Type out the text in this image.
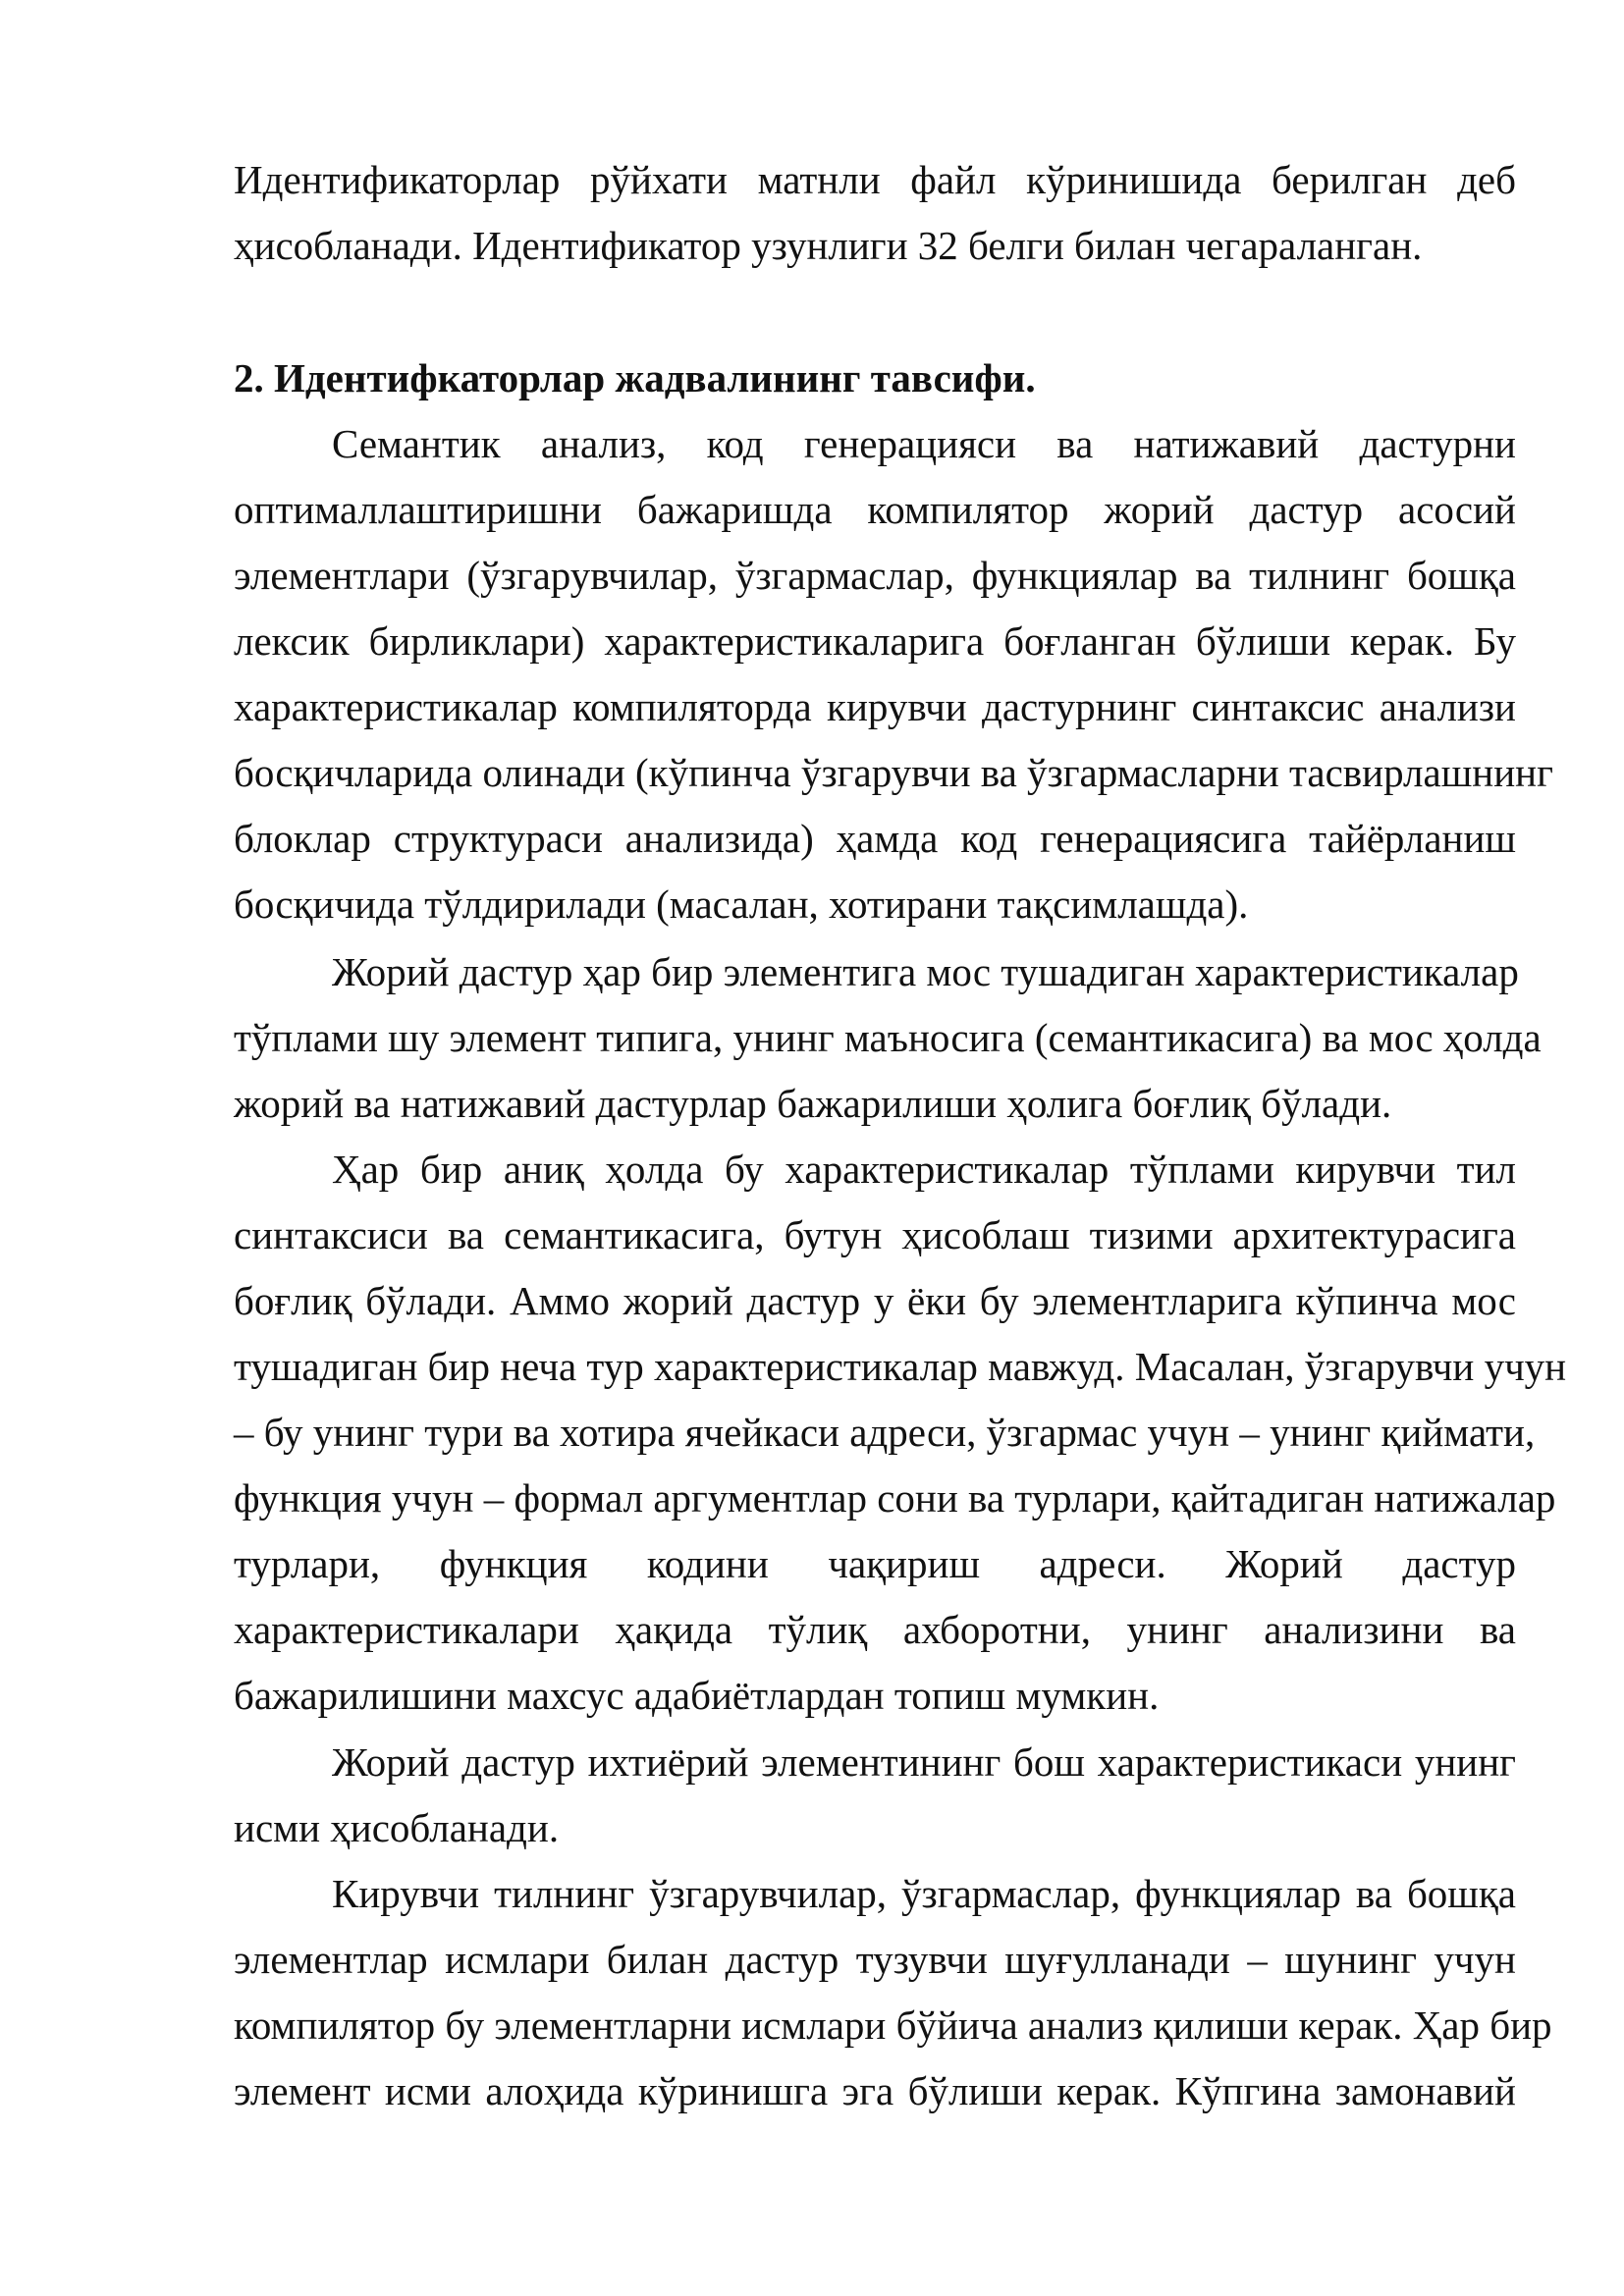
Идентификаторлар рўйхати матнли файл кўринишида берилган деб
ҳисобланади. Идентификатор узунлиги 32 белги билан чегараланган.
2. Идентифкаторлар жадвалининг тавсифи.
Семантик анализ, код генерацияси ва натижавий дастурни
оптималлаштиришни бажаришда компилятор жорий дастур асосий
элементлари (ўзгарувчилар, ўзгармаслар, функциялар ва тилнинг бошқа
лексик бирликлари) характеристикаларига боғланган бўлиши керак. Бу
характеристикалар компиляторда кирувчи дастурнинг синтаксис анализи
босқичларида олинади (кўпинча ўзгарувчи ва ўзгармасларни тасвирлашнинг
блоклар структураси анализида) ҳамда код генерациясига тайёрланиш
босқичида тўлдирилади (масалан, хотирани тақсимлашда).
Жорий дастур ҳар бир элементига мос тушадиган характеристикалар
тўплами шу элемент типига, унинг маъносига (семантикасига) ва мос ҳолда
жорий ва натижавий дастурлар бажарилиши ҳолига боғлиқ бўлади.
Ҳар бир аниқ ҳолда бу характеристикалар тўплами кирувчи тил
синтаксиси ва семантикасига, бутун ҳисоблаш тизими архитектурасига
боғлиқ бўлади. Аммо жорий дастур у ёки бу элементларига кўпинча мос
тушадиган бир неча тур характеристикалар мавжуд. Масалан, ўзгарувчи учун
– бу унинг тури ва хотира ячейкаси адреси, ўзгармас учун – унинг қиймати,
функция учун – формал аргументлар сони ва турлари, қайтадиган натижалар
турлари, функция кодини чақириш адреси. Жорий дастур
характеристикалари ҳақида тўлиқ ахборотни, унинг анализини ва
бажарилишини махсус адабиётлардан топиш мумкин.
Жорий дастур ихтиёрий элементининг бош характеристикаси унинг
исми ҳисобланади.
Кирувчи тилнинг ўзгарувчилар, ўзгармаслар, функциялар ва бошқа
элементлар исмлари билан дастур тузувчи шуғулланади – шунинг учун
компилятор бу элементларни исмлари бўйича анализ қилиши керак. Ҳар бир
элемент исми алоҳида кўринишга эга бўлиши керак. Кўпгина замонавий
